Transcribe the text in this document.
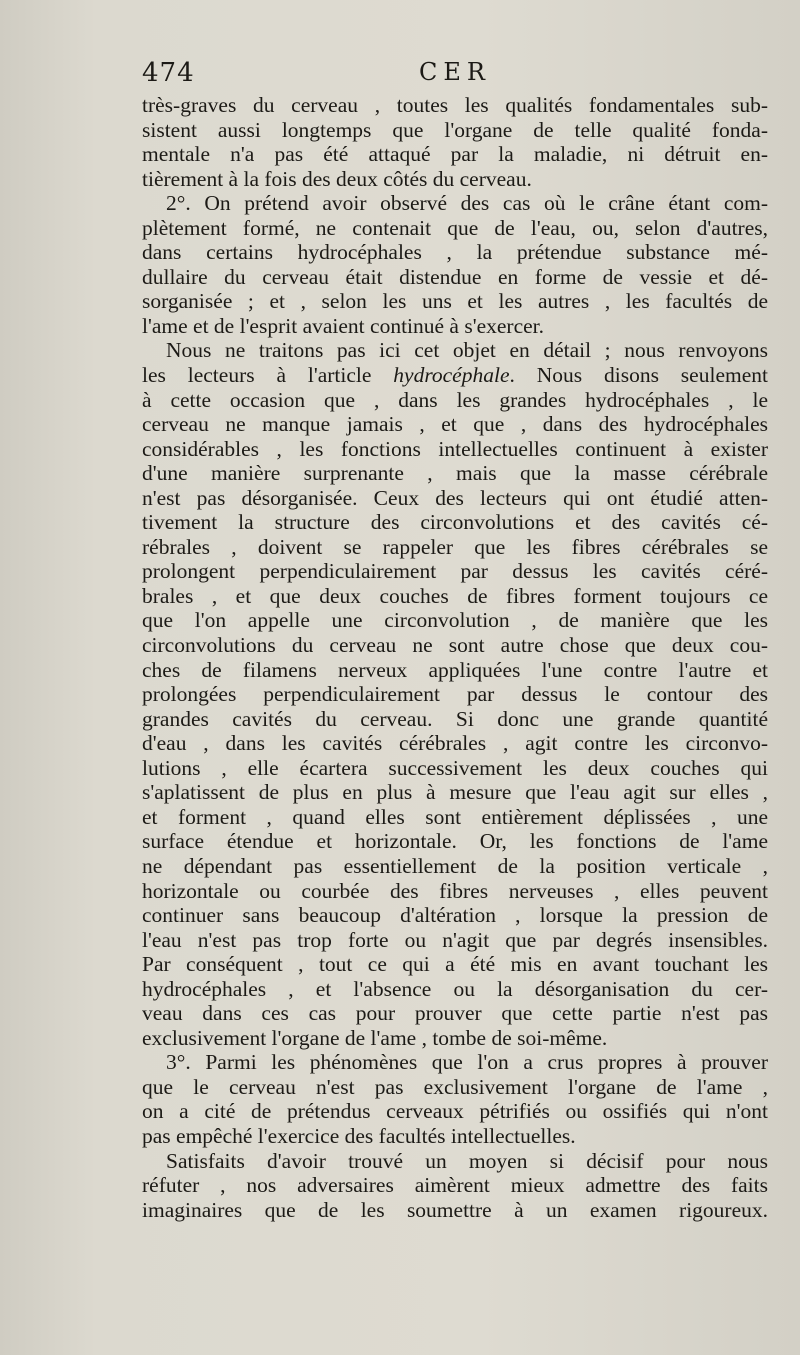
474	CER
très-graves du cerveau , toutes les qualités fondamentales sub-
sistent aussi longtemps que l'organe de telle qualité fonda-
mentale n'a pas été attaqué par la maladie, ni détruit en-
tièrement à la fois des deux côtés du cerveau.
2°. On prétend avoir observé des cas où le crâne étant com-
plètement formé, ne contenait que de l'eau, ou, selon d'autres,
dans certains hydrocéphales , la prétendue substance mé-
dullaire du cerveau était distendue en forme de vessie et dé-
sorganisée ; et , selon les uns et les autres , les facultés de
l'ame et de l'esprit avaient continué à s'exercer.
Nous ne traitons pas ici cet objet en détail ; nous renvoyons
les lecteurs à l'article hydrocéphale. Nous disons seulement
à cette occasion que , dans les grandes hydrocéphales , le
cerveau ne manque jamais , et que , dans des hydrocéphales
considérables , les fonctions intellectuelles continuent à exister
d'une manière surprenante , mais que la masse cérébrale
n'est pas désorganisée. Ceux des lecteurs qui ont étudié atten-
tivement la structure des circonvolutions et des cavités cé-
rébrales , doivent se rappeler que les fibres cérébrales se
prolongent perpendiculairement par dessus les cavités céré-
brales , et que deux couches de fibres forment toujours ce
que l'on appelle une circonvolution , de manière que les
circonvolutions du cerveau ne sont autre chose que deux cou-
ches de filamens nerveux appliquées l'une contre l'autre et
prolongées perpendiculairement par dessus le contour des
grandes cavités du cerveau. Si donc une grande quantité
d'eau , dans les cavités cérébrales , agit contre les circonvo-
lutions , elle écartera successivement les deux couches qui
s'aplatissent de plus en plus à mesure que l'eau agit sur elles ,
et forment , quand elles sont entièrement déplissées , une
surface étendue et horizontale. Or, les fonctions de l'ame
ne dépendant pas essentiellement de la position verticale ,
horizontale ou courbée des fibres nerveuses , elles peuvent
continuer sans beaucoup d'altération , lorsque la pression de
l'eau n'est pas trop forte ou n'agit que par degrés insensibles.
Par conséquent , tout ce qui a été mis en avant touchant les
hydrocéphales , et l'absence ou la désorganisation du cer-
veau dans ces cas pour prouver que cette partie n'est pas
exclusivement l'organe de l'ame , tombe de soi-même.
3°. Parmi les phénomènes que l'on a crus propres à prouver
que le cerveau n'est pas exclusivement l'organe de l'ame ,
on a cité de prétendus cerveaux pétrifiés ou ossifiés qui n'ont
pas empêché l'exercice des facultés intellectuelles.
Satisfaits d'avoir trouvé un moyen si décisif pour nous
réfuter , nos adversaires aimèrent mieux admettre des faits
imaginaires que de les soumettre à un examen rigoureux.
